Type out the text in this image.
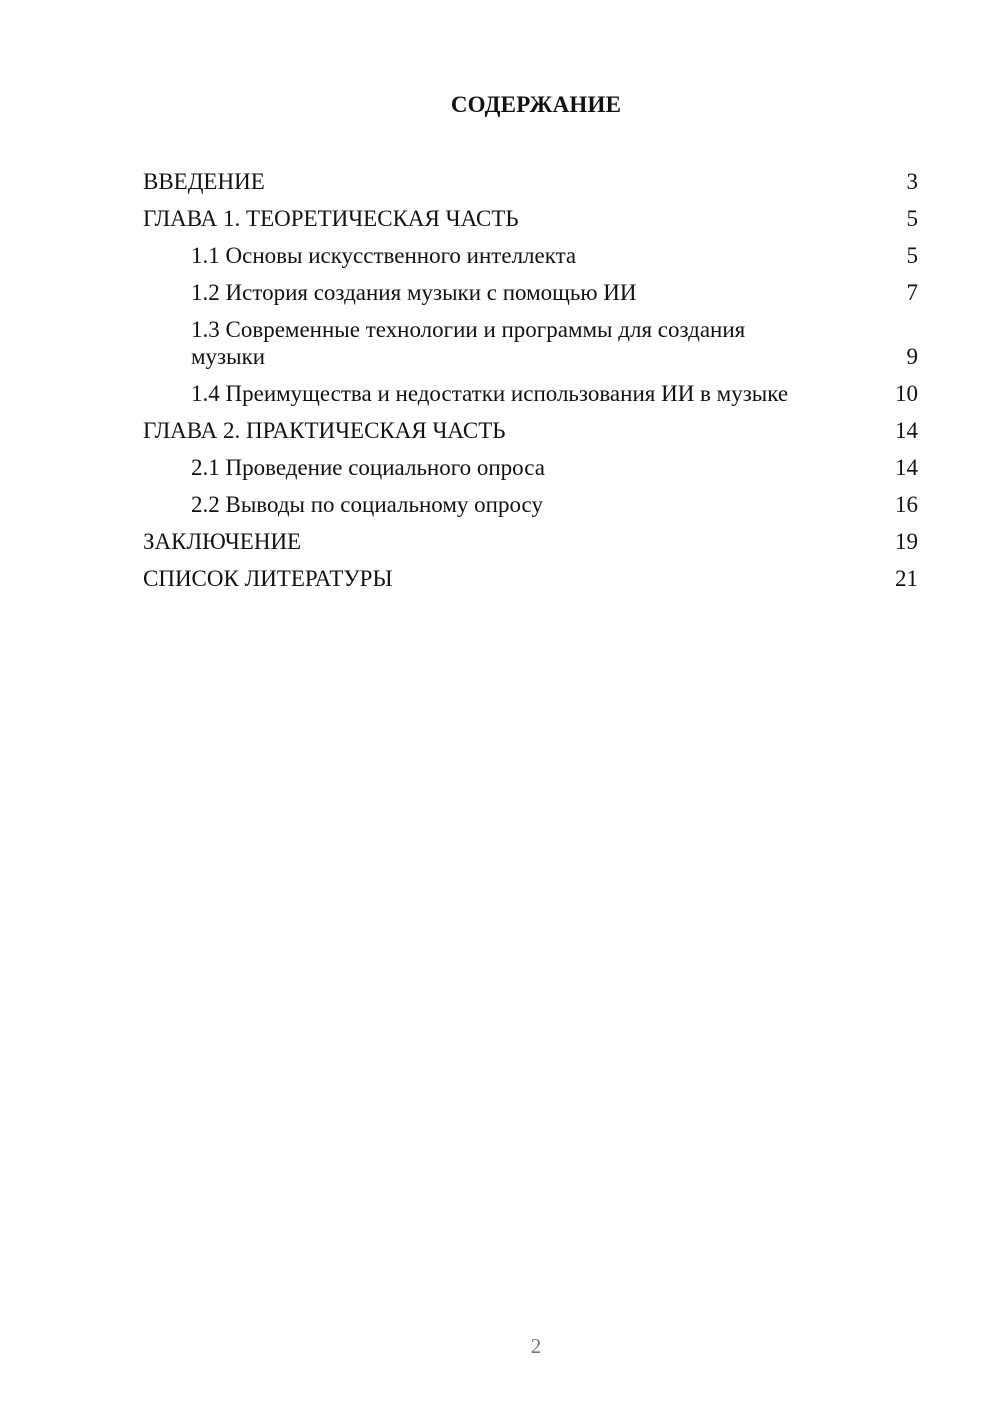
СОДЕРЖАНИЕ
ВВЕДЕНИЕ	3
ГЛАВА 1. ТЕОРЕТИЧЕСКАЯ ЧАСТЬ	5
1.1 Основы искусственного интеллекта	5
1.2 История создания музыки с помощью ИИ	7
1.3 Современные технологии и программы для создания музыки	9
1.4 Преимущества и недостатки использования ИИ в музыке	10
ГЛАВА 2. ПРАКТИЧЕСКАЯ ЧАСТЬ	14
2.1 Проведение социального опроса	14
2.2 Выводы по социальному опросу	16
ЗАКЛЮЧЕНИЕ	19
СПИСОК ЛИТЕРАТУРЫ	21
2
